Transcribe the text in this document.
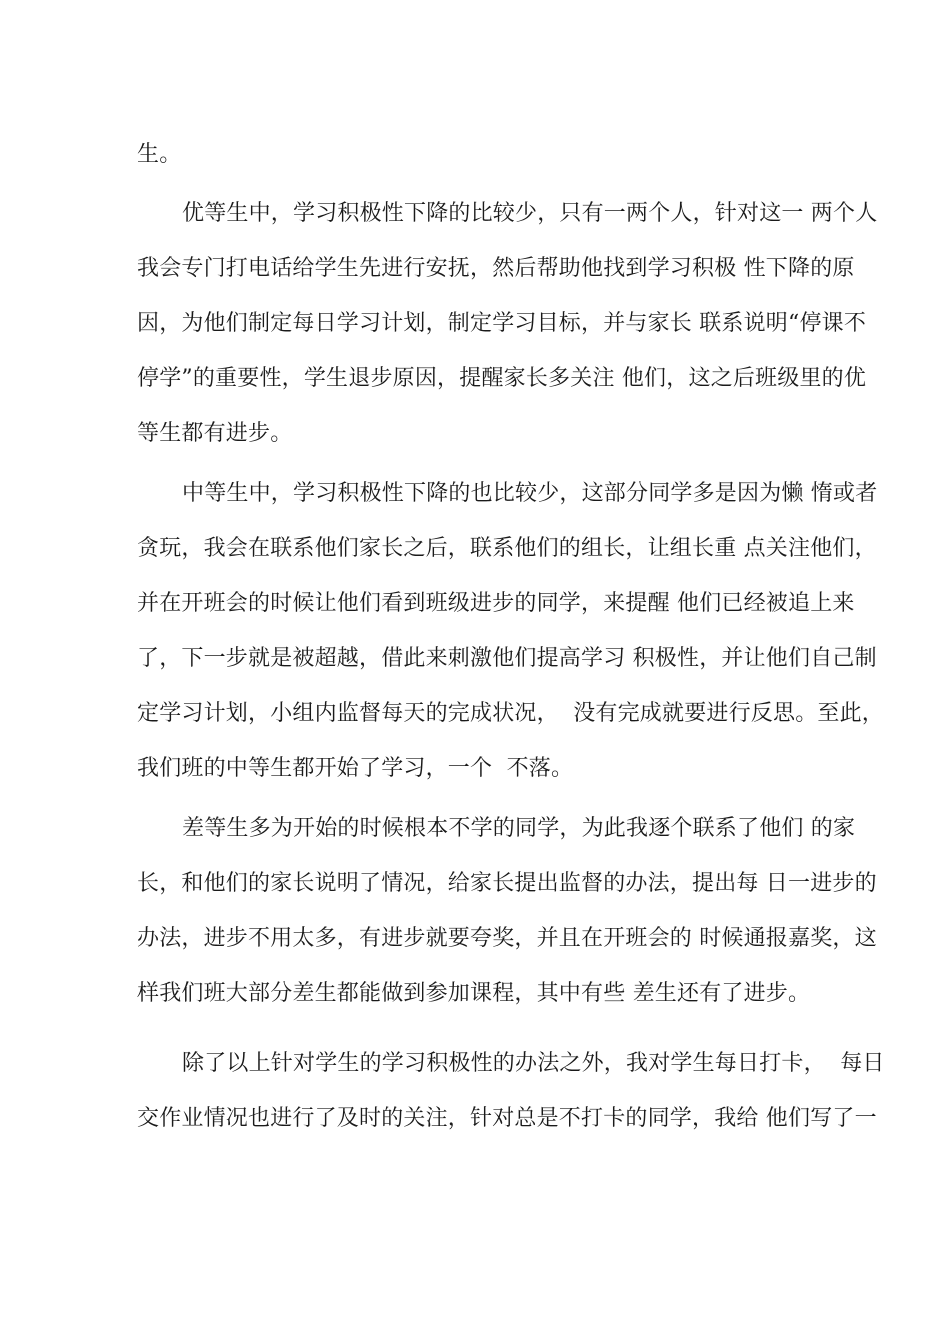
生。
优等生中，学习积极性下降的比较少，只有一两个人，针对这一 两个人
我会专门打电话给学生先进行安抚，然后帮助他找到学习积极 性下降的原
因，为他们制定每日学习计划，制定学习目标，并与家长 联系说明“停课不
停学”的重要性，学生退步原因，提醒家长多关注 他们，这之后班级里的优
等生都有进步。
中等生中，学习积极性下降的也比较少，这部分同学多是因为懒 惰或者
贪玩，我会在联系他们家长之后，联系他们的组长，让组长重 点关注他们，
并在开班会的时候让他们看到班级进步的同学，来提醒 他们已经被追上来
了，下一步就是被超越，借此来刺激他们提高学习 积极性，并让他们自己制
定学习计划，小组内监督每天的完成状况，  没有完成就要进行反思。至此，
我们班的中等生都开始了学习，一个  不落。
差等生多为开始的时候根本不学的同学，为此我逐个联系了他们 的家
长，和他们的家长说明了情况，给家长提出监督的办法，提出每 日一进步的
办法，进步不用太多，有进步就要夸奖，并且在开班会的 时候通报嘉奖，这
样我们班大部分差生都能做到参加课程，其中有些 差生还有了进步。
除了以上针对学生的学习积极性的办法之外，我对学生每日打卡，  每日
交作业情况也进行了及时的关注，针对总是不打卡的同学，我给 他们写了一
